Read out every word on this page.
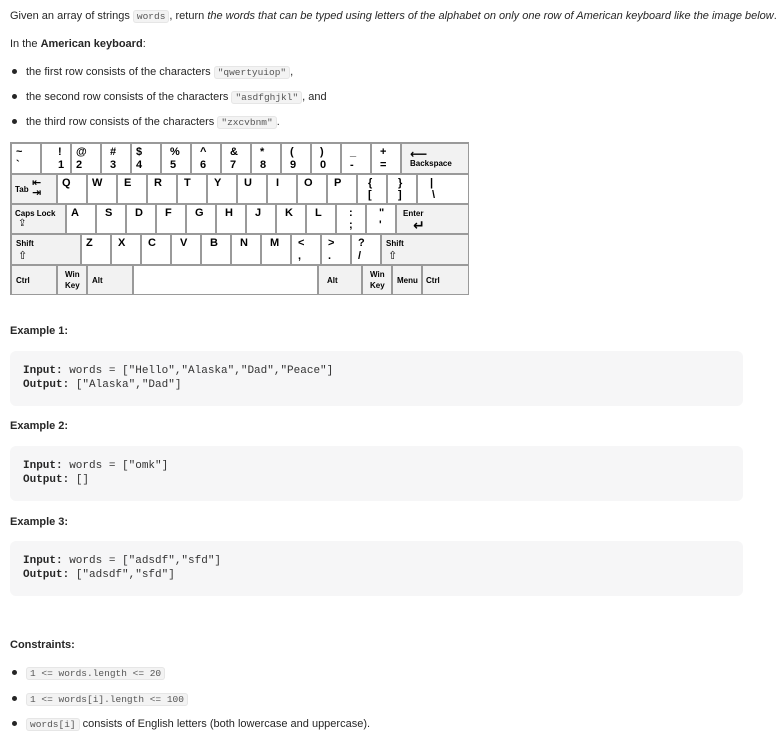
Given an array of strings words , return the words that can be typed using letters of the alphabet on only one row of American keyboard like the image below.
In the American keyboard:
the first row consists of the characters "qwertyuiop" ,
the second row consists of the characters "asdfghjkl" , and
the third row consists of the characters "zxcvbnm" .
~
`
!
1
@
2
#
3
$
4
%
5
^
6
&
7
*
8
(
9
)
0
_
-
+
=
⟵
Backspace
Tab
⇤
⇥
Q W E R T Y U I O P {
[
}
]
|
\
Caps Lock
⇪
A S D F G H J K L :
;
"
'
Enter
↵
Shift
⇧
Z X C V B N M <
,
>
.
?
/
Shift
⇧
Ctrl
Win
Key
Alt	Alt
Win
Key
Menu Ctrl
Example 1:
Input: words = ["Hello","Alaska","Dad","Peace"]
Output: ["Alaska","Dad"]
Example 2:
Input: words = ["omk"]
Output: []
Example 3:
Input: words = ["adsdf","sfd"]
Output: ["adsdf","sfd"]
Constraints:
1 <= words.length <= 20
1 <= words[i].length <= 100
words[i] consists of English letters (both lowercase and uppercase).
